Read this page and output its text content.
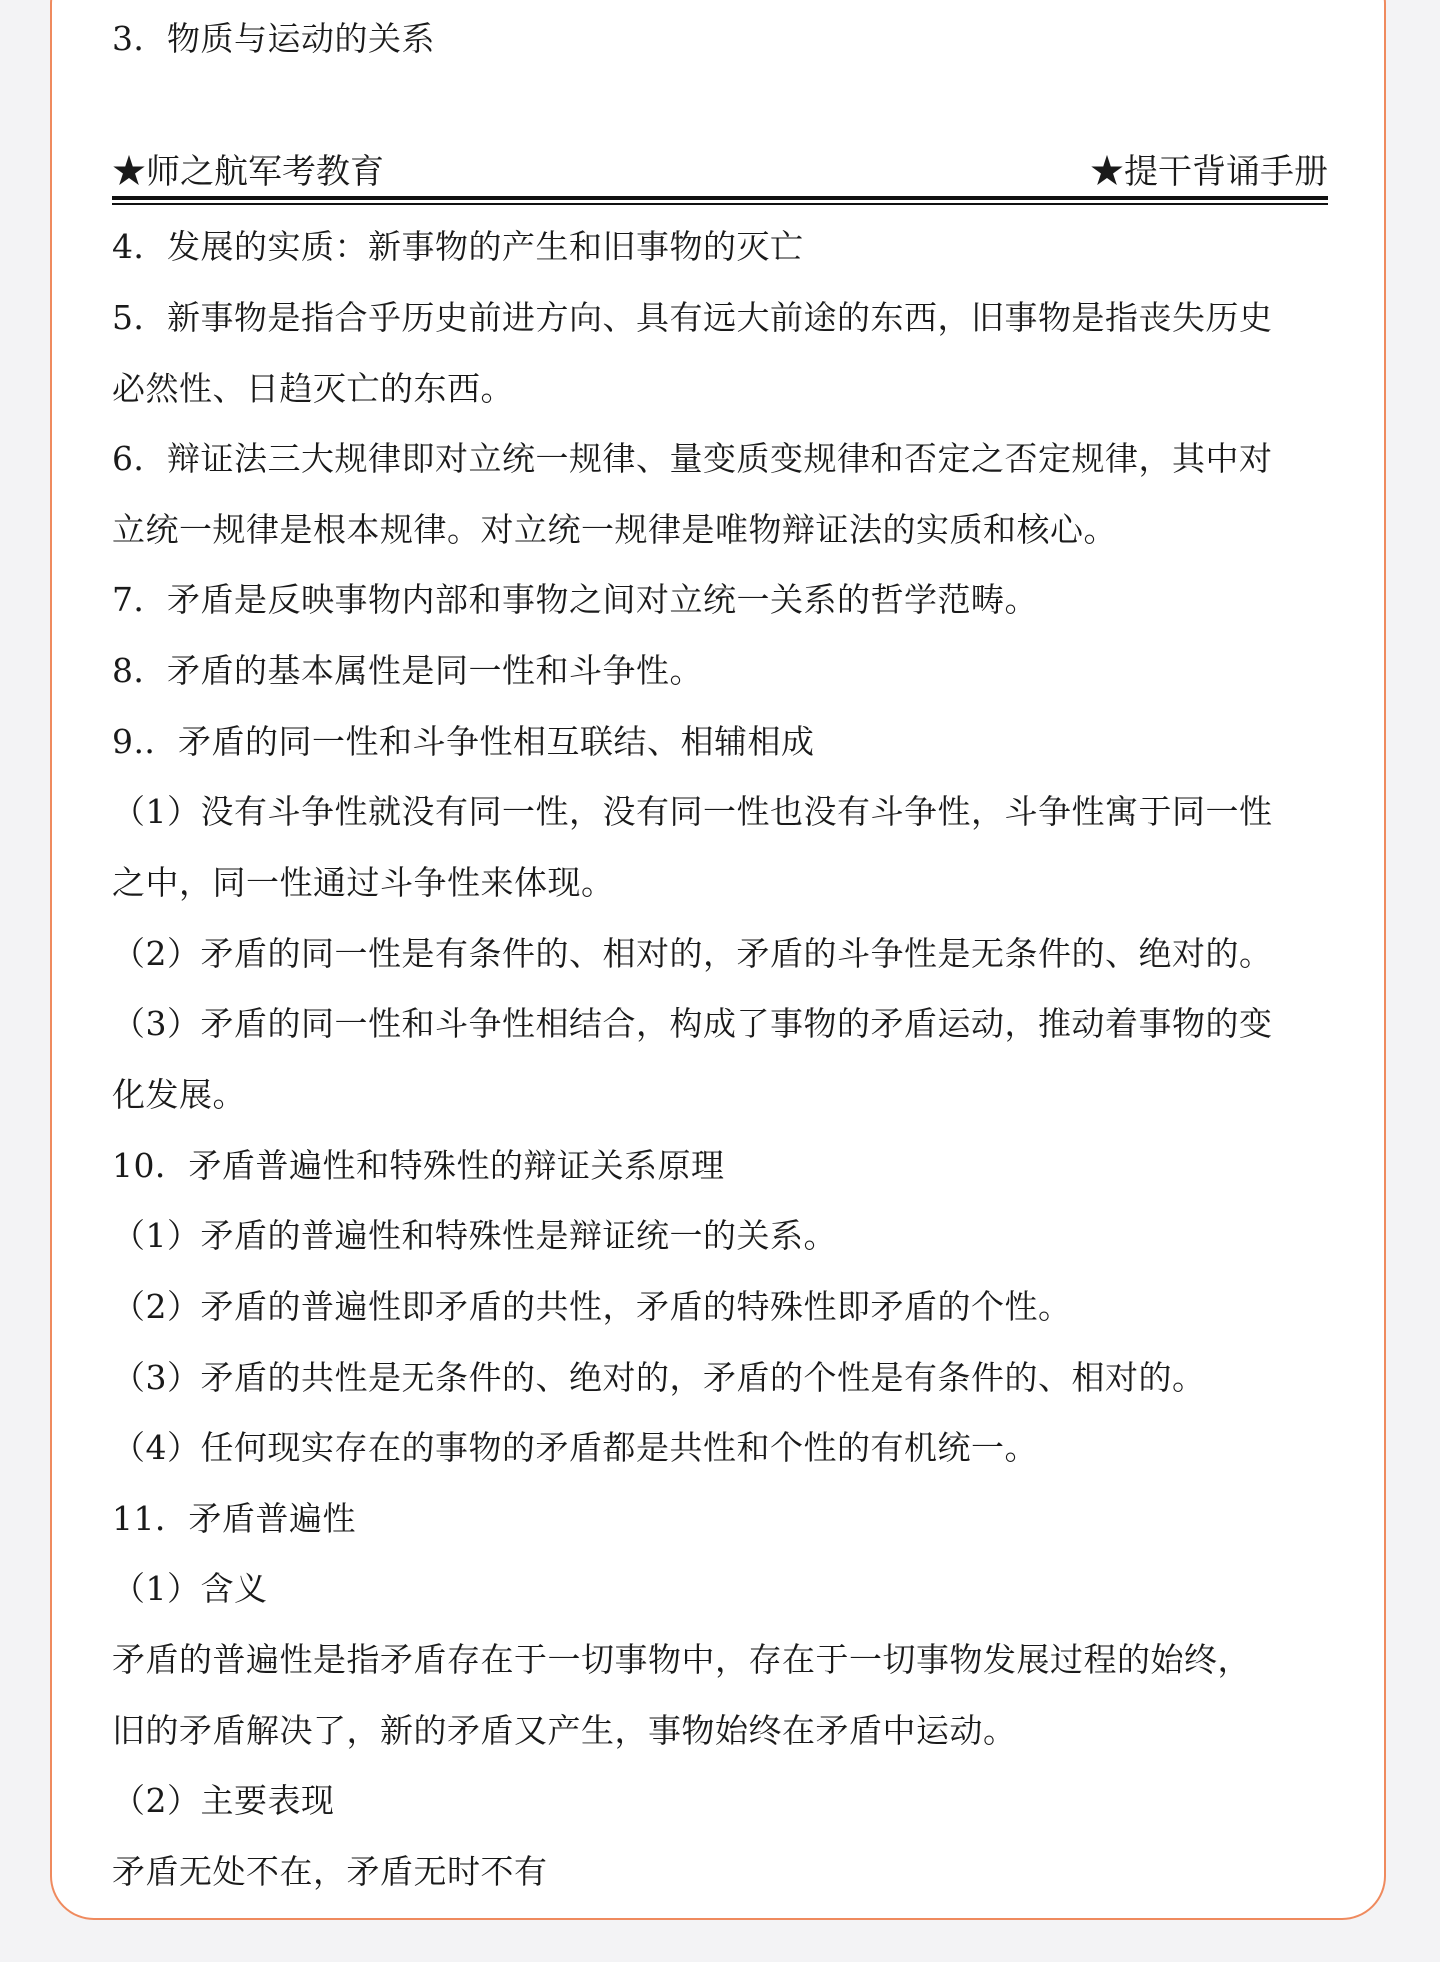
3．物质与运动的关系
★师之航军考教育	★提干背诵手册
4．发展的实质：新事物的产生和旧事物的灭亡
5．新事物是指合乎历史前进方向、具有远大前途的东西，旧事物是指丧失历史
必然性、日趋灭亡的东西。
6．辩证法三大规律即对立统一规律、量变质变规律和否定之否定规律，其中对
立统一规律是根本规律。对立统一规律是唯物辩证法的实质和核心。
7．矛盾是反映事物内部和事物之间对立统一关系的哲学范畴。
8．矛盾的基本属性是同一性和斗争性。
9.．矛盾的同一性和斗争性相互联结、相辅相成
（1）没有斗争性就没有同一性，没有同一性也没有斗争性，斗争性寓于同一性
之中，同一性通过斗争性来体现。
（2）矛盾的同一性是有条件的、相对的，矛盾的斗争性是无条件的、绝对的。
（3）矛盾的同一性和斗争性相结合，构成了事物的矛盾运动，推动着事物的变
化发展。
10．矛盾普遍性和特殊性的辩证关系原理
（1）矛盾的普遍性和特殊性是辩证统一的关系。
（2）矛盾的普遍性即矛盾的共性，矛盾的特殊性即矛盾的个性。
（3）矛盾的共性是无条件的、绝对的，矛盾的个性是有条件的、相对的。
（4）任何现实存在的事物的矛盾都是共性和个性的有机统一。
11．矛盾普遍性
（1）含义
矛盾的普遍性是指矛盾存在于一切事物中，存在于一切事物发展过程的始终，
旧的矛盾解决了，新的矛盾又产生，事物始终在矛盾中运动。
（2）主要表现
矛盾无处不在，矛盾无时不有
